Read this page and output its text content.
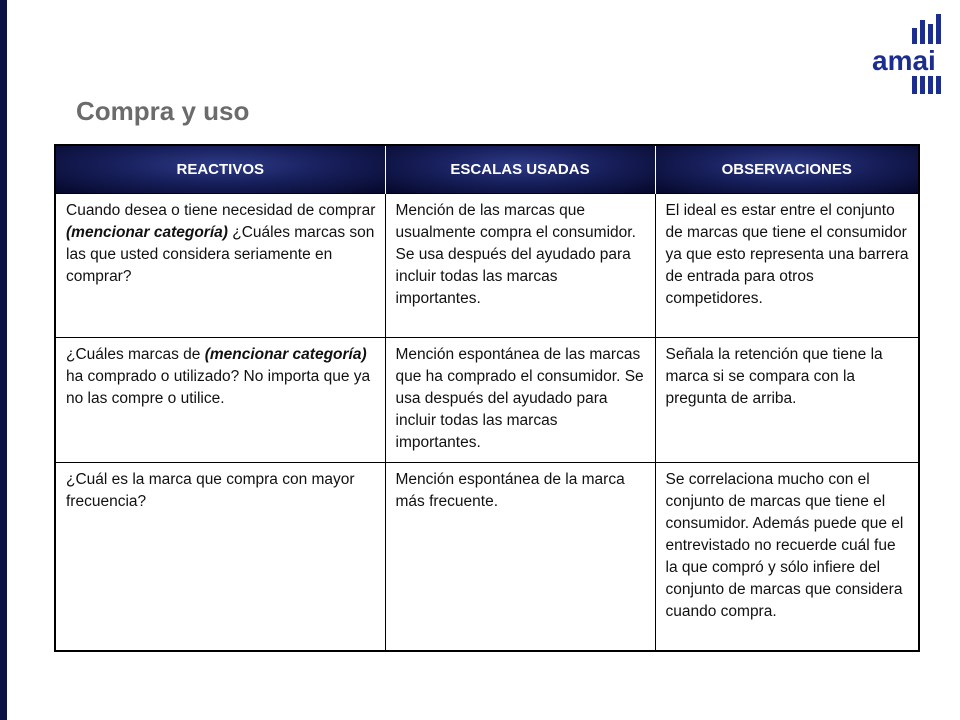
amai
Compra y uso
REACTIVOS	ESCALAS USADAS	OBSERVACIONES
Cuando desea o tiene necesidad de comprar (mencionar categoría) ¿Cuáles marcas son las que usted considera seriamente en comprar?	Mención de las marcas que usualmente compra el consumidor. Se usa después del ayudado para incluir todas las marcas importantes.	El ideal es estar entre el conjunto de marcas que tiene el consumidor ya que esto representa una barrera de entrada para otros competidores.
¿Cuáles marcas de (mencionar categoría) ha comprado o utilizado? No importa que ya no las compre o utilice.	Mención espontánea de las marcas que ha comprado el consumidor. Se usa después del ayudado para incluir todas las marcas importantes.	Señala la retención que tiene la marca si se compara con la pregunta de arriba.
¿Cuál es la marca que compra con mayor frecuencia?	Mención espontánea de la marca más frecuente.	Se correlaciona mucho con el conjunto de marcas que tiene el consumidor. Además puede que el entrevistado no recuerde cuál fue la que compró y sólo infiere del conjunto de marcas que considera cuando compra.
